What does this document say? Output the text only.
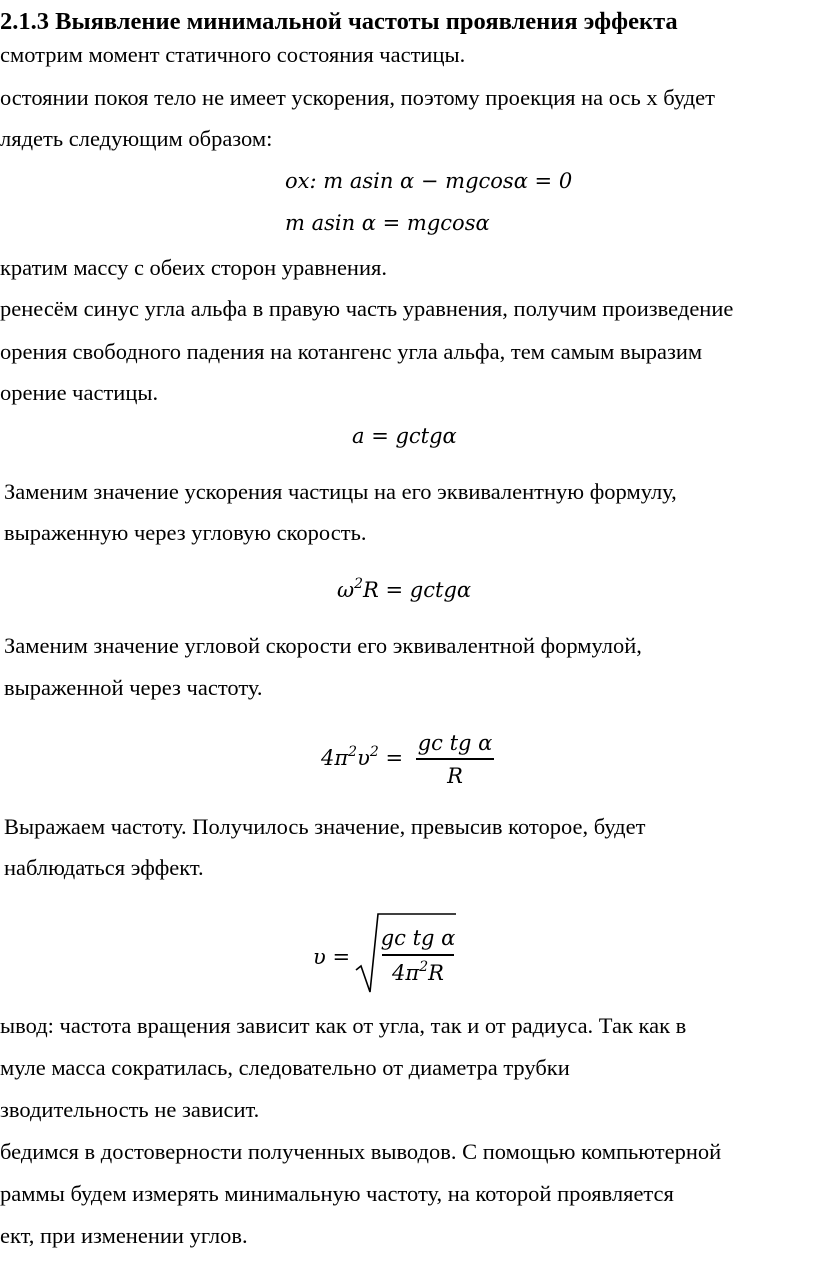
2.1.3 Выявление минимальной частоты проявления эффекта
смотрим момент статичного состояния частицы.
остоянии покоя тело не имеет ускорения, поэтому проекция на ось x будет
лядеть следующим образом:
ox: m asin α − mgcosα = 0
m asin α = mgcosα
кратим массу с обеих сторон уравнения.
ренесём синус угла альфа в правую часть уравнения, получим произведение
орения свободного падения на котангенс угла альфа, тем самым выразим
орение частицы.
a = gctgα
Заменим значение ускорения частицы на его эквивалентную формулу,
выраженную через угловую скорость.
$\omega^2R$ = gctgα
Заменим значение угловой скорости его эквивалентной формулой,
выраженной через частоту.
$4\pi^2\upsilon^2$ =
gc tg α
R
Выражаем частоту. Получилось значение, превысив которое, будет
наблюдаться эффект.
υ =
gc tg α
$4\pi^2R$
ывод: частота вращения зависит как от угла, так и от радиуса. Так как в
муле масса сократилась, следовательно от диаметра трубки
зводительность не зависит.
бедимся в достоверности полученных выводов. С помощью компьютерной
раммы будем измерять минимальную частоту, на которой проявляется
ект, при изменении углов.
